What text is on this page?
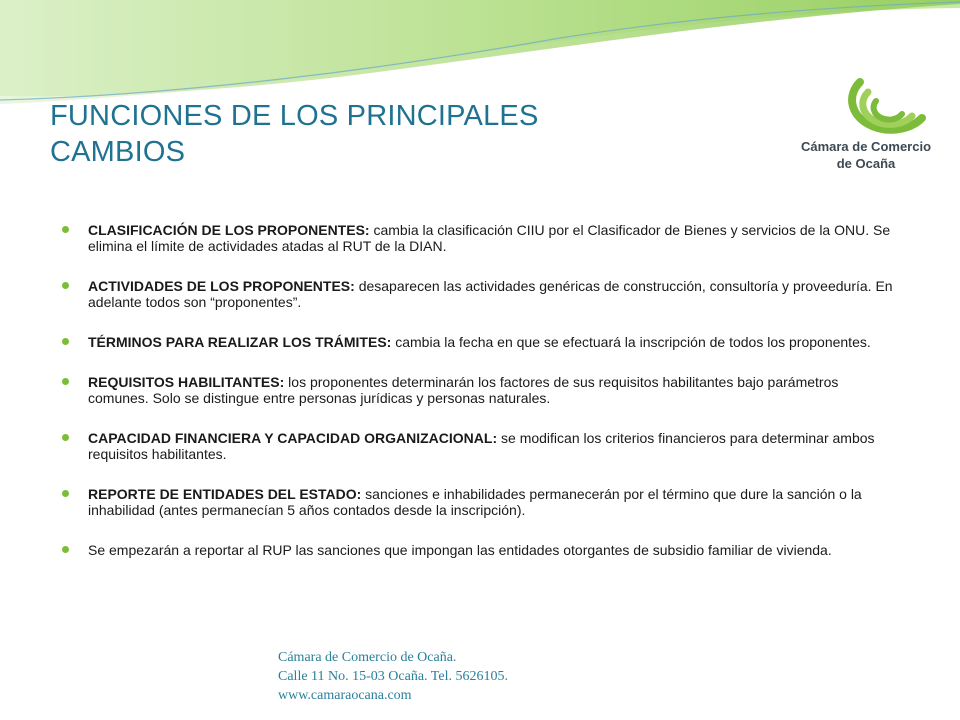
FUNCIONES DE LOS PRINCIPALES
CAMBIOS	Cámara de Comercio
de Ocaña
CLASIFICACIÓN DE LOS PROPONENTES: cambia la clasificación CIIU por el Clasificador de Bienes y servicios de la ONU. Se elimina el límite de actividades atadas al RUT de la DIAN.
ACTIVIDADES DE LOS PROPONENTES: desaparecen las actividades genéricas de construcción, consultoría y proveeduría. En adelante todos son “proponentes”.
TÉRMINOS PARA REALIZAR LOS TRÁMITES: cambia la fecha en que se efectuará la inscripción de todos los proponentes.
REQUISITOS HABILITANTES: los proponentes determinarán los factores de sus requisitos habilitantes bajo parámetros comunes. Solo se distingue entre personas jurídicas y personas naturales.
CAPACIDAD FINANCIERA Y CAPACIDAD ORGANIZACIONAL: se modifican los criterios financieros para determinar ambos requisitos habilitantes.
REPORTE DE ENTIDADES DEL ESTADO: sanciones e inhabilidades permanecerán por el término que dure la sanción o la inhabilidad (antes permanecían 5 años contados desde la inscripción).
Se empezarán a reportar al RUP las sanciones que impongan las entidades otorgantes de subsidio familiar de vivienda.
Cámara de Comercio de Ocaña.
Calle 11 No. 15-03 Ocaña. Tel. 5626105.
www.camaraocana.com
